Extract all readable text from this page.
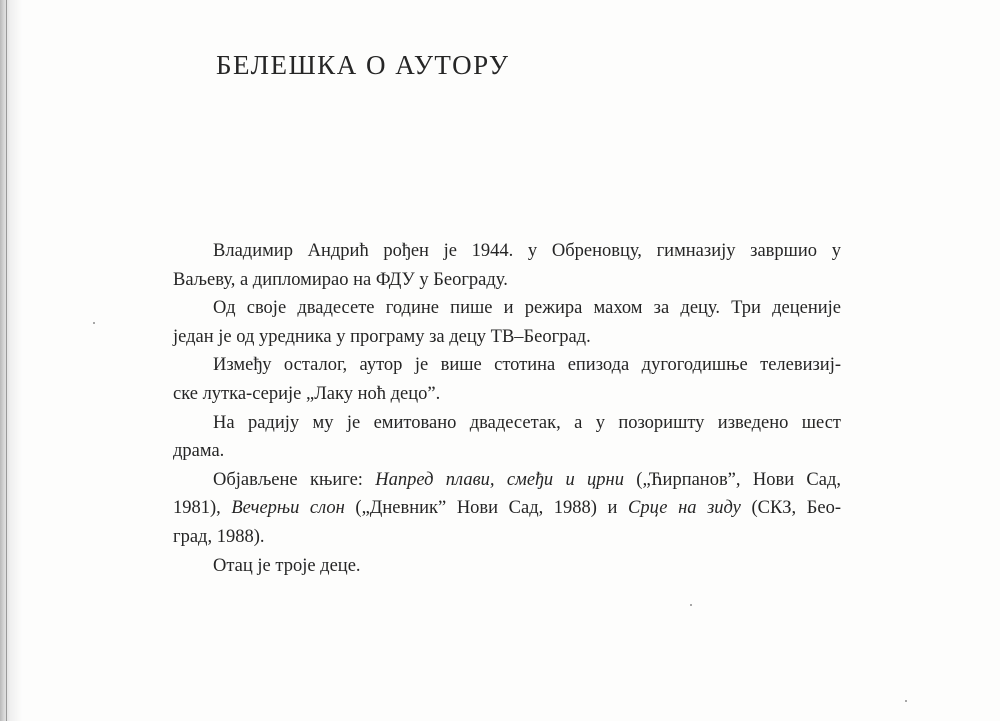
БЕЛЕШКА О АУТОРУ
Владимир Андрић рођен је 1944. у Обреновцу, гимназију завршио у
Ваљеву, а дипломирао на ФДУ у Београду.
Од своје двадесете године пише и режира махом за децу. Три деценије
један је од уредника у програму за децу ТВ–Београд.
Између осталог, аутор је више стотина епизода дугогодишње телевизиј-
ске лутка-серије „Лаку ноћ децо”.
На радију му је емитовано двадесетак, а у позоришту изведено шест
драма.
Објављене књиге: Напред плави, смеђи и црни („Ћирпанов”, Нови Сад,
1981), Вечерњи слон („Дневник” Нови Сад, 1988) и Срце на зиду (СКЗ, Бео-
град, 1988).
Отац је троје деце.
